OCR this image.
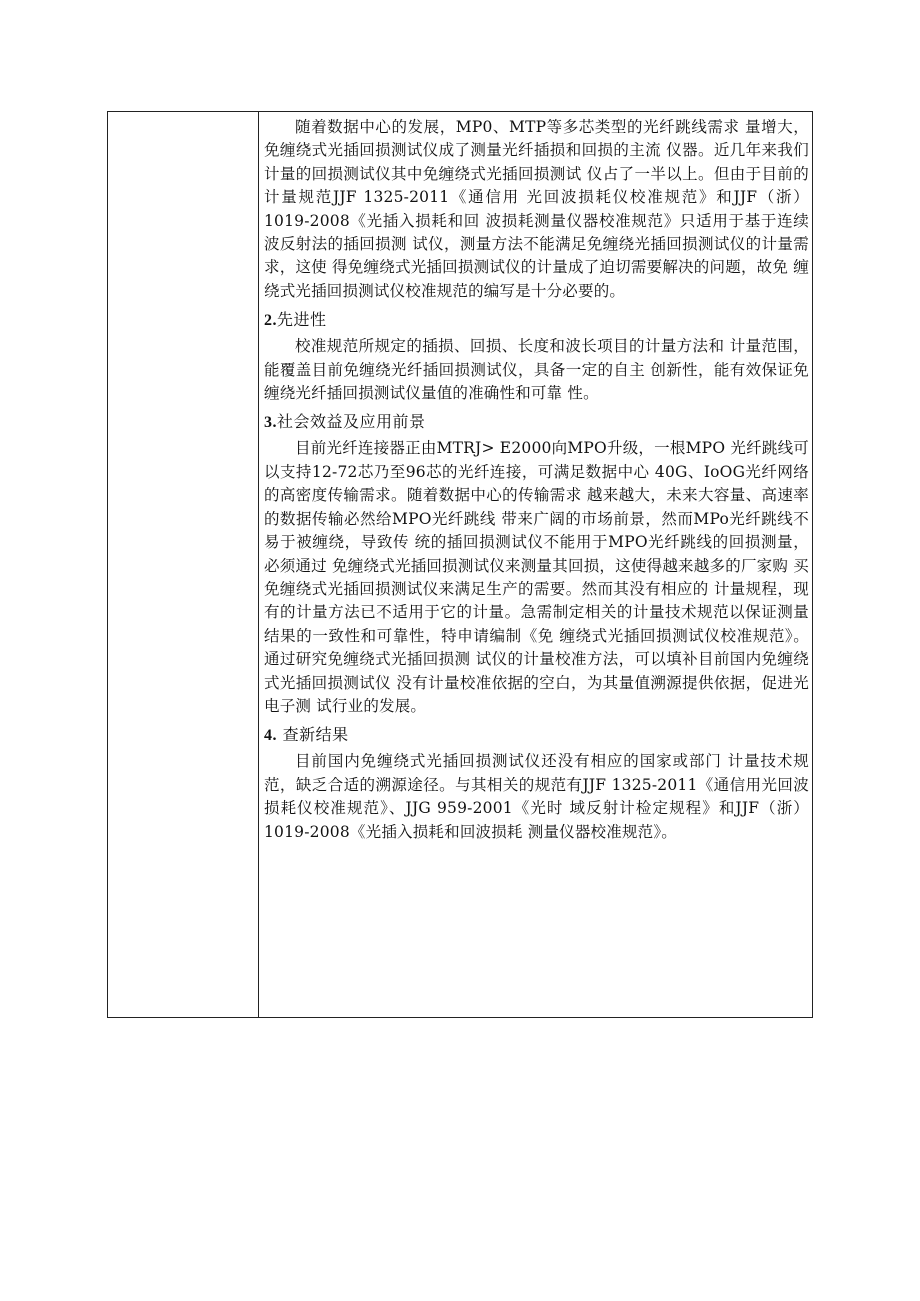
随着数据中心的发展，MP0、MTP等多芯类型的光纤跳线需求 量增大，免缠绕式光插回损测试仪成了测量光纤插损和回损的主流 仪器。近几年来我们计量的回损测试仪其中免缠绕式光插回损测试 仪占了一半以上。但由于目前的计量规范JJF 1325-2011《通信用 光回波损耗仪校准规范》和JJF（浙）1019-2008《光插入损耗和回 波损耗测量仪器校准规范》只适用于基于连续波反射法的插回损测 试仪，测量方法不能满足免缠绕光插回损测试仪的计量需求，这使 得免缠绕式光插回损测试仪的计量成了迫切需要解决的问题，故免 缠绕式光插回损测试仪校准规范的编写是十分必要的。

2.先进性

校准规范所规定的插损、回损、长度和波长项目的计量方法和 计量范围，能覆盖目前免缠绕光纤插回损测试仪，具备一定的自主 创新性，能有效保证免缠绕光纤插回损测试仪量值的准确性和可靠 性。

3.社会效益及应用前景

目前光纤连接器正由MTRJ> E2000向MPO升级，一根MPO 光纤跳线可以支持12-72芯乃至96芯的光纤连接，可满足数据中心 40G、IoOG光纤网络的高密度传输需求。随着数据中心的传输需求 越来越大，未来大容量、高速率的数据传输必然给MPO光纤跳线 带来广阔的市场前景，然而MPo光纤跳线不易于被缠绕，导致传 统的插回损测试仪不能用于MPO光纤跳线的回损测量，必须通过 免缠绕式光插回损测试仪来测量其回损，这使得越来越多的厂家购 买免缠绕式光插回损测试仪来满足生产的需要。然而其没有相应的 计量规程，现有的计量方法已不适用于它的计量。急需制定相关的计量技术规范以保证测量结果的一致性和可靠性，特申请编制《免 缠绕式光插回损测试仪校准规范》。通过研究免缠绕式光插回损测 试仪的计量校准方法，可以填补目前国内免缠绕式光插回损测试仪 没有计量校准依据的空白，为其量值溯源提供依据，促进光电子测 试行业的发展。

4. 查新结果

目前国内免缠绕式光插回损测试仪还没有相应的国家或部门 计量技术规范，缺乏合适的溯源途径。与其相关的规范有JJF 1325-2011《通信用光回波损耗仪校准规范》、JJG 959-2001《光时 域反射计检定规程》和JJF（浙）1019-2008《光插入损耗和回波损耗 测量仪器校准规范》。
